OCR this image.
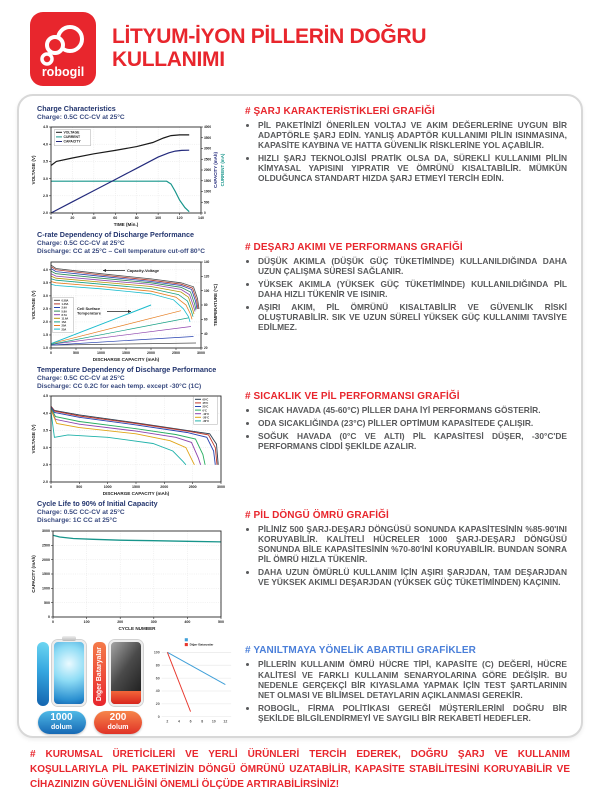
robogil
LİTYUM-İYON PİLLERİN DOĞRU
KULLANIMI
Charge Characteristics
Charge: 0.5C CC-CV at 25°C
0	20	40	60	80	100	120	140
2.0
2.5
3.0
3.5
4.0
4.5
0
500
1000
1500
2000
2500
3000
3500
4000
TIME (Min.)
VOLTAGE (V)	CAPACITY (mAh) CURRENT (mA)
VOLTAGE
CURRENT
CAPACITY
C-rate Dependency of Discharge Performance
Charge: 0.5C CC-CV at 25°C
Discharge: CC at 25°C – Cell temperature cut-off 80°C
0	500	1000	1500	2000	2500	3000
1.0
1.5
2.0
2.5
3.0
3.5
4.0
20
40
60
80
100
120
140
DISCHARGE CAPACITY (mAh)
VOLTAGE (V)	TEMPERATURE (°C)
0.58A
1.45A
2.9A
5.8A
8.7A
11.6A
15A
20A
25A
Capacity-Voltage
Cell Surface
Temperature
Temperature Dependency of Discharge Performance
Charge: 0.5C CC-CV at 25°C
Discharge: CC 0.2C for each temp. except -30°C (1C)
0	500	1000	1500	2000	2500	3000
2.0
2.5
3.0
3.5
4.0
4.5
DISCHARGE CAPACITY (mAh)
VOLTAGE (V)
60°C
45°C
25°C
0°C
-10°C
-20°C
-30°C
Cycle Life to 90% of Initial Capacity
Charge: 0.5C CC-CV at 25°C
Discharge: 1C CC at 25°C
0	100	200	300	400	500
0
500
1000
1500
2000
2500
3000
CYCLE NUMBER
CAPACITY (mAh)
1000
dolum
Diğer Bataryalar
200
dolum
2	4	6	8 10 12
0
20
40
60
80
100
Diğer Bataryalar
# ŞARJ KARAKTERİSTİKLERİ GRAFİĞİ
• PİL PAKETİNİZİ ÖNERİLEN VOLTAJ VE AKIM DEĞERLERİNE UYGUN BİR ADAPTÖRLE ŞARJ EDİN. YANLIŞ ADAPTÖR KULLANIMI PİLİN ISINMASINA, KAPASİTE KAYBINA VE HATTA GÜVENLİK RİSKLERİNE YOL AÇABİLİR.
• HIZLI ŞARJ TEKNOLOJİSİ PRATİK OLSA DA, SÜREKLİ KULLANIMI PİLİN KİMYASAL YAPISINI YIPRATIR VE ÖMRÜNÜ KISALTABİLİR. MÜMKÜN OLDUĞUNCA STANDART HIZDA ŞARJ ETMEYİ TERCİH EDİN.
# DEŞARJ AKIMI VE PERFORMANS GRAFİĞİ
• DÜŞÜK AKIMLA (DÜŞÜK GÜÇ TÜKETİMİNDE) KULLANILDIĞINDA DAHA UZUN ÇALIŞMA SÜRESİ SAĞLANIR.
• YÜKSEK AKIMLA (YÜKSEK GÜÇ TÜKETİMİNDE) KULLANILDIĞINDA PİL DAHA HIZLI TÜKENİR VE ISINIR.
• AŞIRI AKIM, PİL ÖMRÜNÜ KISALTABİLİR VE GÜVENLİK RİSKİ OLUŞTURABİLİR. SIK VE UZUN SÜRELİ YÜKSEK GÜÇ KULLANIMI TAVSİYE EDİLMEZ.
# SICAKLIK VE PİL PERFORMANSI GRAFİĞİ
• SICAK HAVADA (45-60°C) PİLLER DAHA İYİ PERFORMANS GÖSTERİR.
• ODA SICAKLIĞINDA (23°C) PİLLER OPTİMUM KAPASİTEDE ÇALIŞIR.
• SOĞUK HAVADA (0°C VE ALTI) PİL KAPASİTESİ DÜŞER, -30°C'DE PERFORMANS CİDDİ ŞEKİLDE AZALIR.
# PİL DÖNGÜ ÖMRÜ GRAFİĞİ
• PİLİNİZ 500 ŞARJ-DEŞARJ DÖNGÜSÜ SONUNDA KAPASİTESİNİN %85-90'INI KORUYABİLİR. KALİTELİ HÜCRELER 1000 ŞARJ-DEŞARJ DÖNGÜSÜ SONUNDA BİLE KAPASİTESİNİN %70-80'İNİ KORUYABİLİR. BUNDAN SONRA PİL ÖMRÜ HIZLA TÜKENİR.
• DAHA UZUN ÖMÜRLÜ KULLANIM İÇİN AŞIRI ŞARJDAN, TAM DEŞARJDAN VE YÜKSEK AKIMLI DEŞARJDAN (YÜKSEK GÜÇ TÜKETİMİNDEN) KAÇININ.
# YANILTMAYA YÖNELİK ABARTILI GRAFİKLER
• PİLLERİN KULLANIM ÖMRÜ HÜCRE TİPİ, KAPASİTE (C) DEĞERİ, HÜCRE KALİTESİ VE FARKLI KULLANIM SENARYOLARINA GÖRE DEĞİŞİR. BU NEDENLE GERÇEKÇİ BİR KIYASLAMA YAPMAK İÇİN TEST ŞARTLARININ NET OLMASI VE BİLİMSEL DETAYLARIN AÇIKLANMASI GEREKİR.
• ROBOGİL, FİRMA POLİTİKASI GEREĞİ MÜŞTERİLERİNİ DOĞRU BİR ŞEKİLDE BİLGİLENDİRMEYİ VE SAYGILI BİR REKABETİ HEDEFLER.
# KURUMSAL ÜRETİCİLERİ VE YERLİ ÜRÜNLERİ TERCİH EDEREK, DOĞRU ŞARJ VE KULLANIM KOŞULLARIYLA PİL PAKETİNİZİN DÖNGÜ ÖMRÜNÜ UZATABİLİR, KAPASİTE STABİLİTESİNİ KORUYABİLİR VE CİHAZINIZIN GÜVENLİĞİNİ ÖNEMLİ ÖLÇÜDE ARTIRABİLİRSİNİZ!
